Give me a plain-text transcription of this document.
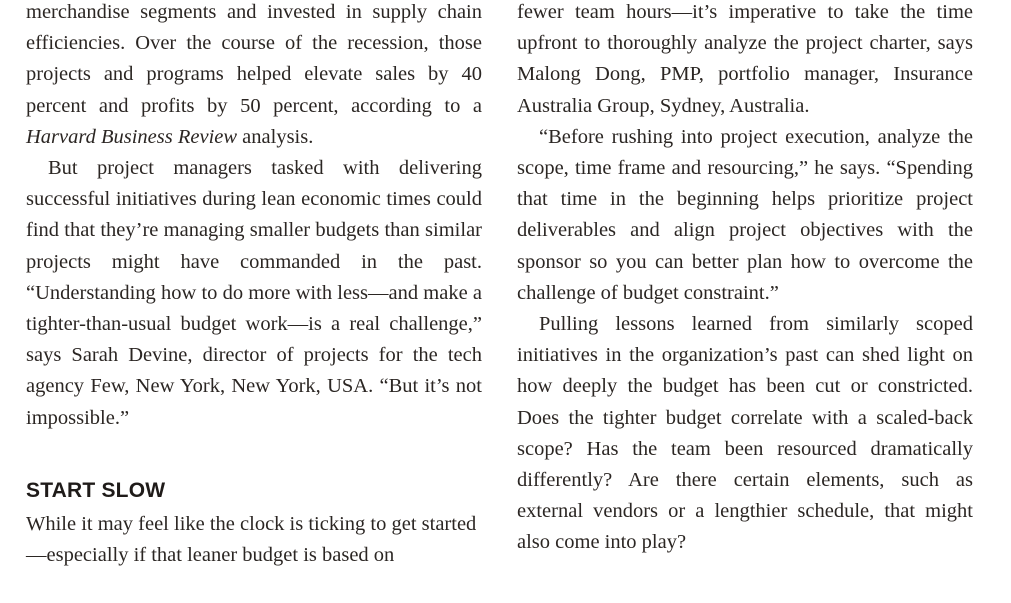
merchandise segments and invested in supply chain efficiencies. Over the course of the recession, those projects and programs helped elevate sales by 40 percent and profits by 50 percent, according to a Harvard Business Review analysis.

But project managers tasked with delivering successful initiatives during lean economic times could find that they’re managing smaller budgets than similar projects might have commanded in the past. “Understanding how to do more with less—and make a tighter-than-usual budget work—is a real challenge,” says Sarah Devine, director of projects for the tech agency Few, New York, New York, USA. “But it’s not impossible.”

START SLOW

While it may feel like the clock is ticking to get started—especially if that leaner budget is based on

fewer team hours—it’s imperative to take the time upfront to thoroughly analyze the project charter, says Malong Dong, PMP, portfolio manager, Insurance Australia Group, Sydney, Australia.

“Before rushing into project execution, analyze the scope, time frame and resourcing,” he says. “Spending that time in the beginning helps prioritize project deliverables and align project objectives with the sponsor so you can better plan how to overcome the challenge of budget constraint.”

Pulling lessons learned from similarly scoped initiatives in the organization’s past can shed light on how deeply the budget has been cut or constricted. Does the tighter budget correlate with a scaled-back scope? Has the team been resourced dramatically differently? Are there certain elements, such as external vendors or a lengthier schedule, that might also come into play?
